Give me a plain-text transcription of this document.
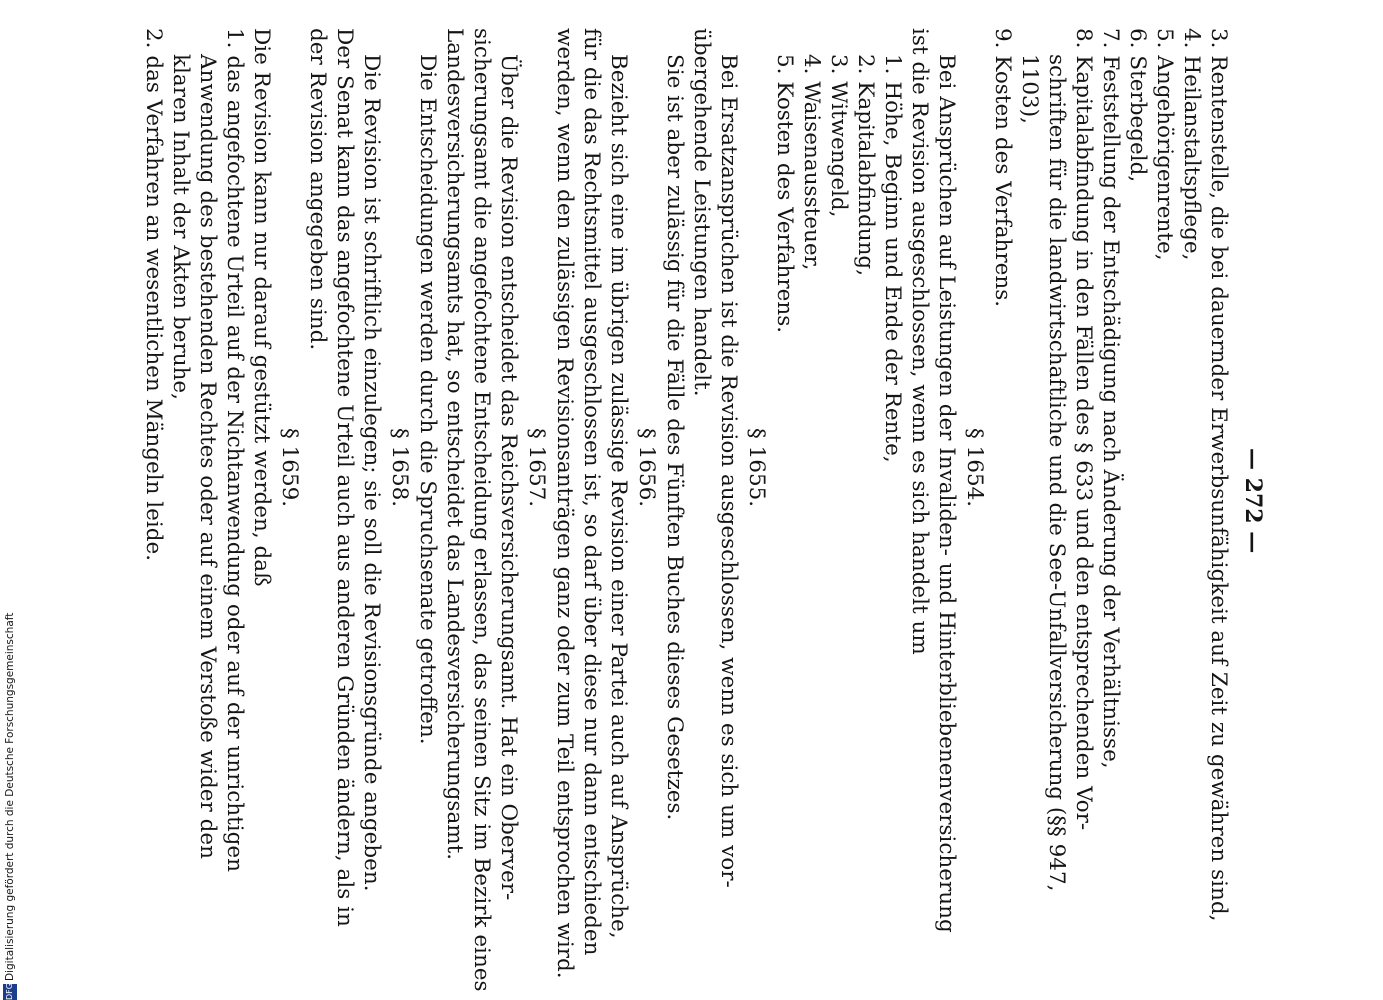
— 272 —
3. Rentenstelle, die bei dauernder Erwerbsunfähigkeit auf Zeit zu gewähren sind,
4. Heilanstaltspflege,
5. Angehörigenrente,
6. Sterbegeld,
7. Feststellung der Entschädigung nach Änderung der Verhältnisse,
8. Kapitalabfindung in den Fällen des § 633 und den entsprechenden Vor-
schriften für die landwirtschaftliche und die See-Unfallversicherung (§§ 947,
1103),
9. Kosten des Verfahrens.
§ 1654.
Bei Ansprüchen auf Leistungen der Invaliden- und Hinterbliebenenversicherung
ist die Revision ausgeschlossen, wenn es sich handelt um
1. Höhe, Beginn und Ende der Rente,
2. Kapitalabfindung,
3. Witwengeld,
4. Waisenaussteuer,
5. Kosten des Verfahrens.
§ 1655.
Bei Ersatzansprüchen ist die Revision ausgeschlossen, wenn es sich um vor-
übergehende Leistungen handelt.
Sie ist aber zulässig für die Fälle des Fünften Buches dieses Gesetzes.
§ 1656.
Bezieht sich eine im übrigen zulässige Revision einer Partei auch auf Ansprüche,
für die das Rechtsmittel ausgeschlossen ist, so darf über diese nur dann entschieden
werden, wenn den zulässigen Revisionsanträgen ganz oder zum Teil entsprochen wird.
§ 1657.
Über die Revision entscheidet das Reichsversicherungsamt. Hat ein Oberver-
sicherungsamt die angefochtene Entscheidung erlassen, das seinen Sitz im Bezirk eines
Landesversicherungsamts hat, so entscheidet das Landesversicherungsamt.
Die Entscheidungen werden durch die Spruchsenate getroffen.
§ 1658.
Die Revision ist schriftlich einzulegen; sie soll die Revisionsgründe angeben.
Der Senat kann das angefochtene Urteil auch aus anderen Gründen ändern, als in
der Revision angegeben sind.
§ 1659.
Die Revision kann nur darauf gestützt werden, daß
1. das angefochtene Urteil auf der Nichtanwendung oder auf der unrichtigen
Anwendung des bestehenden Rechtes oder auf einem Verstoße wider den
klaren Inhalt der Akten beruhe,
2. das Verfahren an wesentlichen Mängeln leide.
DFGDigitalisierung gefördert durch die Deutsche Forschungsgemeinschaft
